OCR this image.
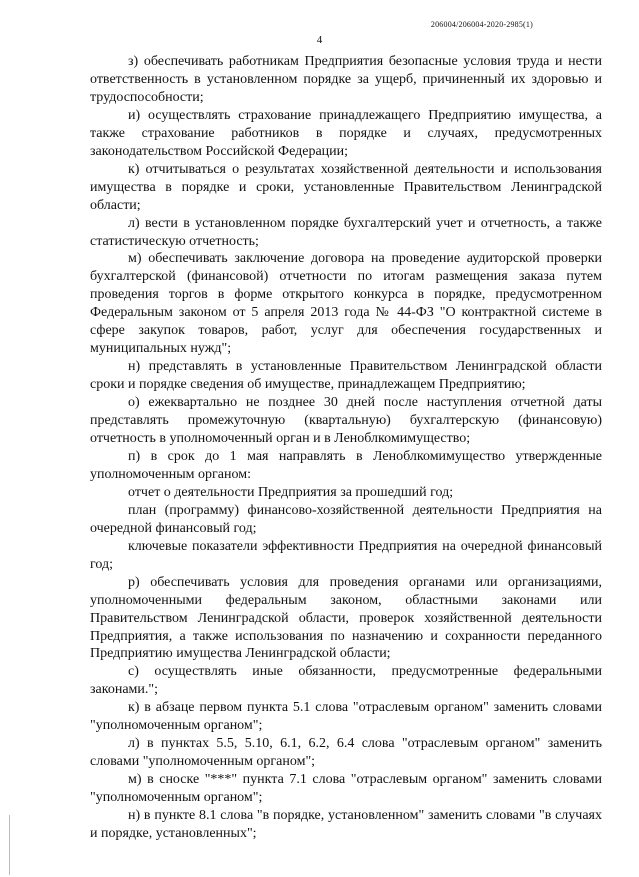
206004/206004-2020-2985(1)
4

з) обеспечивать работникам Предприятия безопасные условия труда и нести ответственность в установленном порядке за ущерб, причиненный их здоровью и трудоспособности;

и) осуществлять страхование принадлежащего Предприятию имущества, а также страхование работников в порядке и случаях, предусмотренных законодательством Российской Федерации;

к) отчитываться о результатах хозяйственной деятельности и использования имущества в порядке и сроки, установленные Правительством Ленинградской области;

л) вести в установленном порядке бухгалтерский учет и отчетность, а также статистическую отчетность;

м) обеспечивать заключение договора на проведение аудиторской проверки бухгалтерской (финансовой) отчетности по итогам размещения заказа путем проведения торгов в форме открытого конкурса в порядке, предусмотренном Федеральным законом от 5 апреля 2013 года № 44-ФЗ "О контрактной системе в сфере закупок товаров, работ, услуг для обеспечения государственных и муниципальных нужд";

н) представлять в установленные Правительством Ленинградской области сроки и порядке сведения об имуществе, принадлежащем Предприятию;

о) ежеквартально не позднее 30 дней после наступления отчетной даты представлять промежуточную (квартальную) бухгалтерскую (финансовую) отчетность в уполномоченный орган и в Леноблкомимущество;

п) в срок до 1 мая направлять в Леноблкомимущество утвержденные уполномоченным органом:

отчет о деятельности Предприятия за прошедший год;

план (программу) финансово-хозяйственной деятельности Предприятия на очередной финансовый год;

ключевые показатели эффективности Предприятия на очередной финансовый год;

р) обеспечивать условия для проведения органами или организациями, уполномоченными федеральным законом, областными законами или Правительством Ленинградской области, проверок хозяйственной деятельности Предприятия, а также использования по назначению и сохранности переданного Предприятию имущества Ленинградской области;

с) осуществлять иные обязанности, предусмотренные федеральными законами.";

к) в абзаце первом пункта 5.1 слова "отраслевым органом" заменить словами "уполномоченным органом";

л) в пунктах 5.5, 5.10, 6.1, 6.2, 6.4 слова "отраслевым органом" заменить словами "уполномоченным органом";

м) в сноске "***" пункта 7.1 слова "отраслевым органом" заменить словами "уполномоченным органом";

н) в пункте 8.1 слова "в порядке, установленном" заменить словами "в случаях и порядке, установленных";
